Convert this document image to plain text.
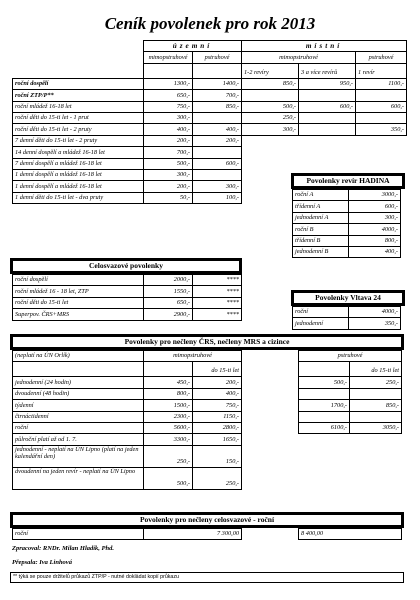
Ceník povolenek pro rok 2013
	územní		místní		
	mimopstruhové	pstruhové	mimopstruhové		pstruhové
			1-2 revíry	3 a více revírů	1 revír
roční dospělí	1300,-	1400,-	850,-	950,-	1100,-
roční ZTP/P**	650,-	700,-			
roční mládež 16-18 let	750,-	850,-	500,-	600,-	600,-
roční děti do 15-ti let - 1 prut	300,-		250,-		
roční děti do 15-ti let - 2 pruty	400,-	400,-	300,-		350,-
7 denní děti do 15-ti let - 2 pruty	200,-	200,-			
14 denní dospělí a mládež 16-18 let	700,-				
7 denní dospělí a mládež 16-18 let	500,-	600,-			
1 denní dospělí a mládež 16-18 let	300,-				
1 denní dospělí a mládež 16-18 let	200,-	300,-			
1 denní děti do 15-ti let - dva pruty	50,-	100,-			
Povolenky revír HADINA
roční A	3000,-
třídenní A	600,-
jednodenní A	300,-
roční B	4000,-
třídenní B	800,-
jednodenní B	400,-
Celosvazové povolenky
roční dospělí	2000,-	****
roční mládež 16 - 18 let, ZTP	1550,-	****
roční děti do 15-ti let	650,-	****
Superpov. ČRS+MRS	2900,-	****
Povolenky Vltava 24
roční	4000,-
jednodenní	350,-
Povolenky pro nečleny ČRS, nečleny MRS a cizince
(neplatí na ÚN Orlík)	mimopstruhové			pstruhové	
		do 15-ti let			do 15-ti let
jednodenní (24 hodin)	450,-	200,-		500,-	250,-
dvoudenní (48 hodin)	800,-	400,-			
týdenní	1500,-	750,-		1700,-	850,-
čtrnáctidenní	2300,-	1150,-			
roční	5600,-	2800,-		6100,-	3050,-
půlroční platí až od 1. 7.	3300,-	1650,-			
jednodenní - neplatí na ÚN Lipno (platí na jeden kalendářní den)	250,-	150,-			
dvoudenní na jeden revír - neplatí na ÚN Lipno	500,-	250,-			
Povolenky pro nečleny celosvazové - roční
roční	7 300,00		8 400,00
Zpracoval: RNDr. Milan Hladík, Phd.
Přepsala: Iva Linhová
** týká se pouze držitelů průkazů ZTP/P - nutné doklädat kopií průkazu
